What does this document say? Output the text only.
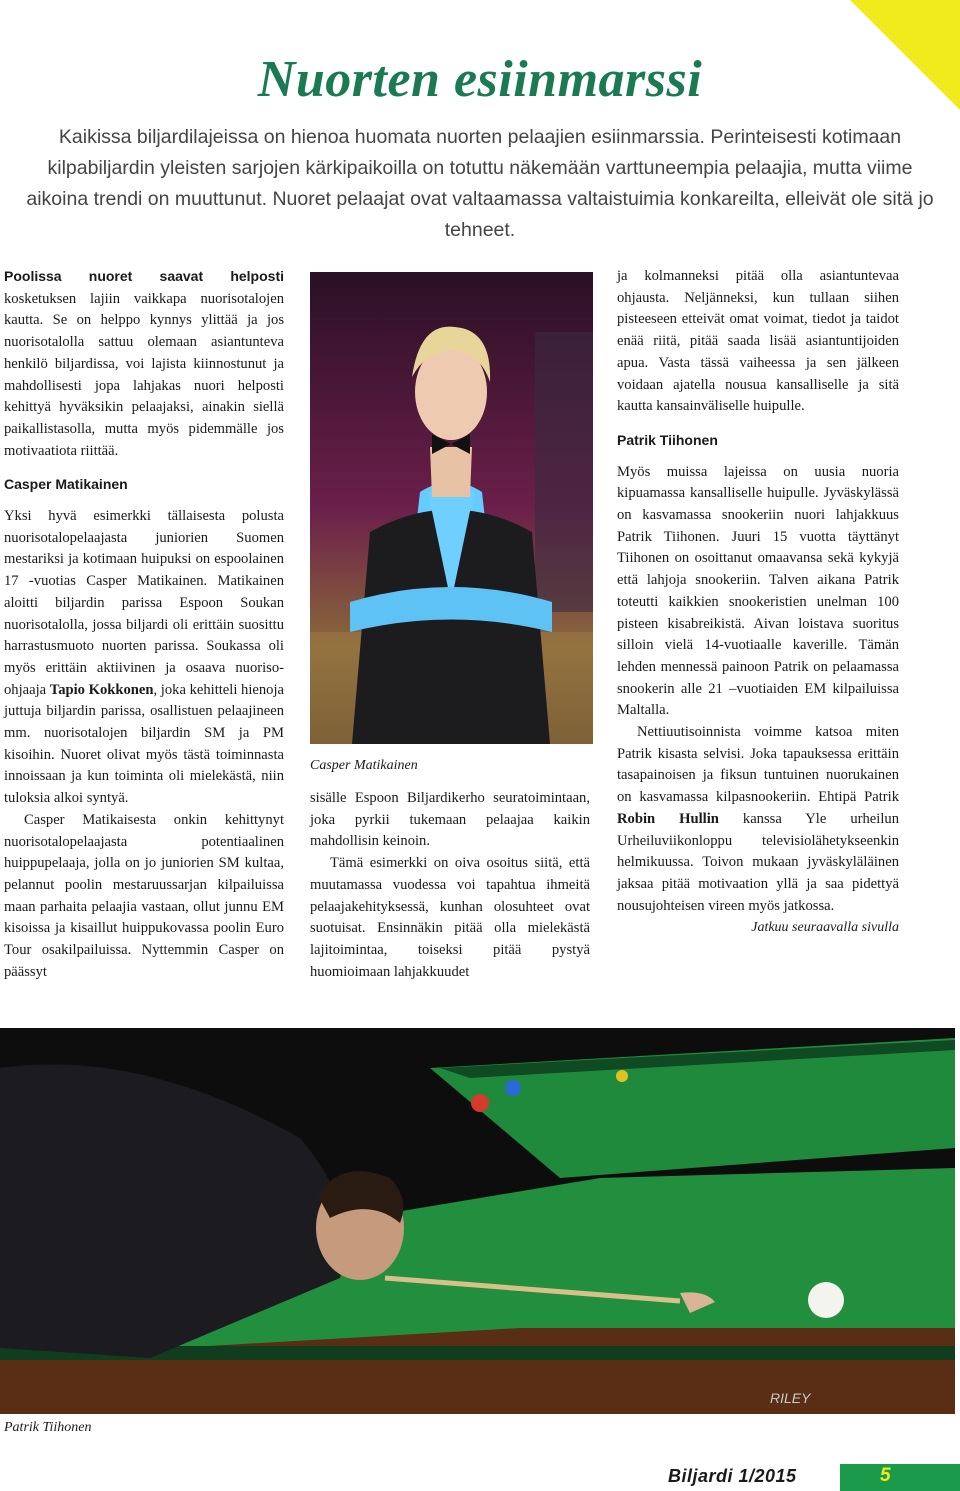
Nuorten esiinmarssi

Kaikissa biljardilajeissa on hienoa huomata nuorten pelaajien esiinmarssia. Perinteisesti kotimaan kilpabiljardin yleisten sarjojen kärkipaikoilla on totuttu näkemään varttuneempia pelaajia, mutta viime aikoina trendi on muuttunut. Nuoret pelaajat ovat valtaamassa valtaistuimia konkareilta, elleivät ole sitä jo tehneet.

Poolissa nuoret saavat helposti kosketuksen lajiin vaikkapa nuorisotalojen kautta. Se on helppo kynnys ylittää ja jos nuorisotalolla sattuu olemaan asiantunteva henkilö biljardissa, voi lajista kiinnostunut ja mahdollisesti jopa lahjakas nuori helposti kehittyä hyväksikin pelaajaksi, ainakin siellä paikallistasolla, mutta myös pidemmälle jos motivaatiota riittää.

Casper Matikainen

Yksi hyvä esimerkki tällaisesta polusta nuorisotalopelaajasta juniorien Suomen mestariksi ja kotimaan huipuksi on espoolainen 17 -vuotias Casper Matikainen. Matikainen aloitti biljardin parissa Espoon Soukan nuorisotalolla, jossa biljardi oli erittäin suosittu harrastusmuoto nuorten parissa. Soukassa oli myös erittäin aktiivinen ja osaava nuoriso-ohjaaja Tapio Kokkonen, joka kehitteli hienoja juttuja biljardin parissa, osallistuen pelaajineen mm. nuorisotalojen biljardin SM ja PM kisoihin. Nuoret olivat myös tästä toiminnasta innoissaan ja kun toiminta oli mielekästä, niin tuloksia alkoi syntyä.

Casper Matikaisesta onkin kehittynyt nuorisotalopelaajasta potentiaalinen huippupelaaja, jolla on jo juniorien SM kultaa, pelannut poolin mestaruussarjan kilpailuissa maan parhaita pelaajia vastaan, ollut junnu EM kisoissa ja kisaillut huippukovassa poolin Euro Tour osakilpailuissa. Nyttemmin Casper on päässyt

Casper Matikainen

sisälle Espoon Biljardikerho seuratoimintaan, joka pyrkii tukemaan pelaajaa kaikin mahdollisin keinoin.

Tämä esimerkki on oiva osoitus siitä, että muutamassa vuodessa voi tapahtua ihmeitä pelaajakehityksessä, kunhan olosuhteet ovat suotuisat. Ensinnäkin pitää olla mielekästä lajitoimintaa, toiseksi pitää pystyä huomioimaan lahjakkuudet

ja kolmanneksi pitää olla asiantuntevaa ohjausta. Neljänneksi, kun tullaan siihen pisteeseen etteivät omat voimat, tiedot ja taidot enää riitä, pitää saada lisää asiantuntijoiden apua. Vasta tässä vaiheessa ja sen jälkeen voidaan ajatella nousua kansalliselle ja sitä kautta kansainväliselle huipulle.

Patrik Tiihonen

Myös muissa lajeissa on uusia nuoria kipuamassa kansalliselle huipulle. Jyväskylässä on kasvamassa snookeriin nuori lahjakkuus Patrik Tiihonen. Juuri 15 vuotta täyttänyt Tiihonen on osoittanut omaavansa sekä kykyjä että lahjoja snookeriin. Talven aikana Patrik toteutti kaikkien snookeristien unelman 100 pisteen kisabreikistä. Aivan loistava suoritus silloin vielä 14-vuotiaalle kaverille. Tämän lehden mennessä painoon Patrik on pelaamassa snookerin alle 21 –vuotiaiden EM kilpailuissa Maltalla.

Nettiuutisoinnista voimme katsoa miten Patrik kisasta selvisi. Joka tapauksessa erittäin tasapainoisen ja fiksun tuntuinen nuorukainen on kasvamassa kilpasnookeriin. Ehtipä Patrik Robin Hullin kanssa Yle urheilun Urheiluviikonloppu televisiolähetykseenkin helmikuussa. Toivon mukaan jyväskyläläinen jaksaa pitää motivaation yllä ja saa pidettyä nousujohteisen vireen myös jatkossa.

Jatkuu seuraavalla sivulla

RILEY
Patrik Tiihonen
Biljardi 1/2015	5
